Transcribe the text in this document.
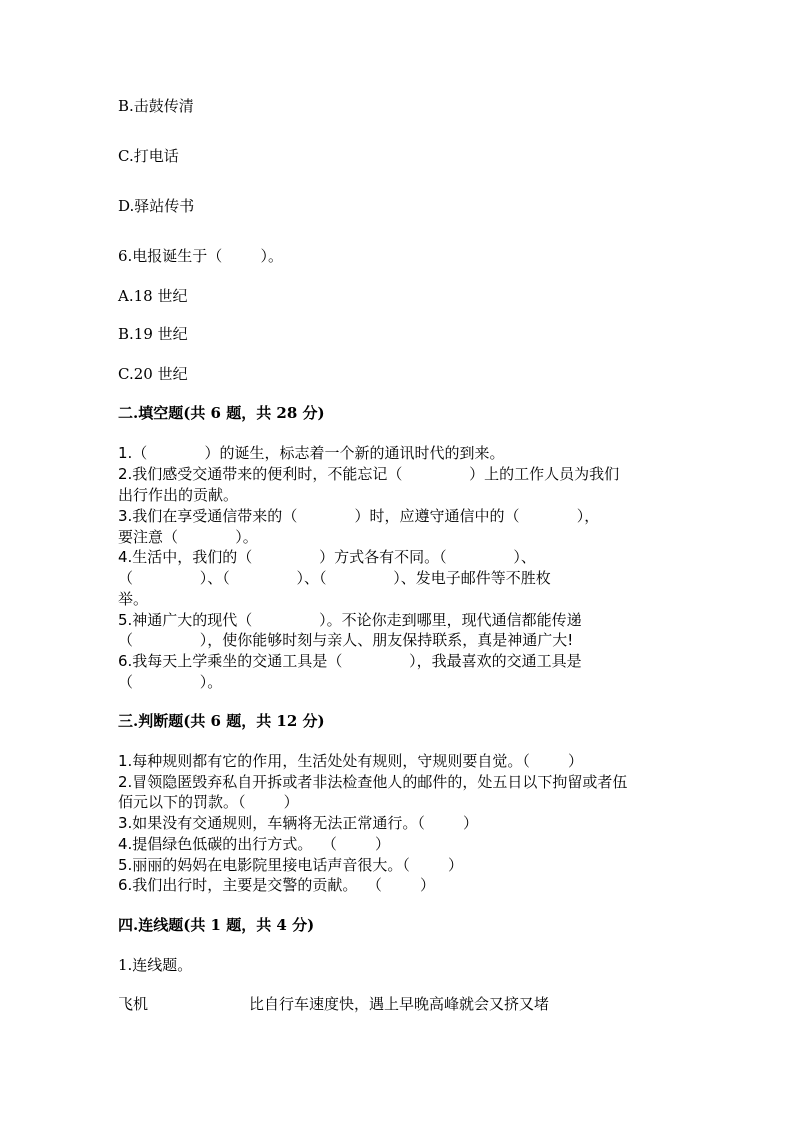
B.击鼓传清
C.打电话
D.驿站传书
6.电报诞生于（        ）。
A.18 世纪
B.19 世纪
C.20 世纪
二.填空题(共 6 题，共 28 分)
1.（            ）的诞生，标志着一个新的通讯时代的到来。
2.我们感受交通带来的便利时，不能忘记（              ）上的工作人员为我们
出行作出的贡献。
3.我们在享受通信带来的（            ）时，应遵守通信中的（            ），
要注意（            ）。
4.生活中，我们的（              ）方式各有不同。（              ）、
（              ）、（              ）、（              ）、发电子邮件等不胜枚
举。
5.神通广大的现代（              ）。不论你走到哪里，现代通信都能传递
（              ），使你能够时刻与亲人、朋友保持联系，真是神通广大!
6.我每天上学乘坐的交通工具是（              ），我最喜欢的交通工具是
（              ）。
三.判断题(共 6 题，共 12 分)
1.每种规则都有它的作用，生活处处有规则，守规则要自觉。（        ）
2.冒领隐匿毁弃私自开拆或者非法检查他人的邮件的，处五日以下拘留或者伍
佰元以下的罚款。（        ）
3.如果没有交通规则，车辆将无法正常通行。（        ）
4.提倡绿色低碳的出行方式。  （        ）
5.丽丽的妈妈在电影院里接电话声音很大。（        ）
6.我们出行时，主要是交警的贡献。  （        ）
四.连线题(共 1 题，共 4 分)
1.连线题。
飞机	比自行车速度快，遇上早晚高峰就会又挤又堵
